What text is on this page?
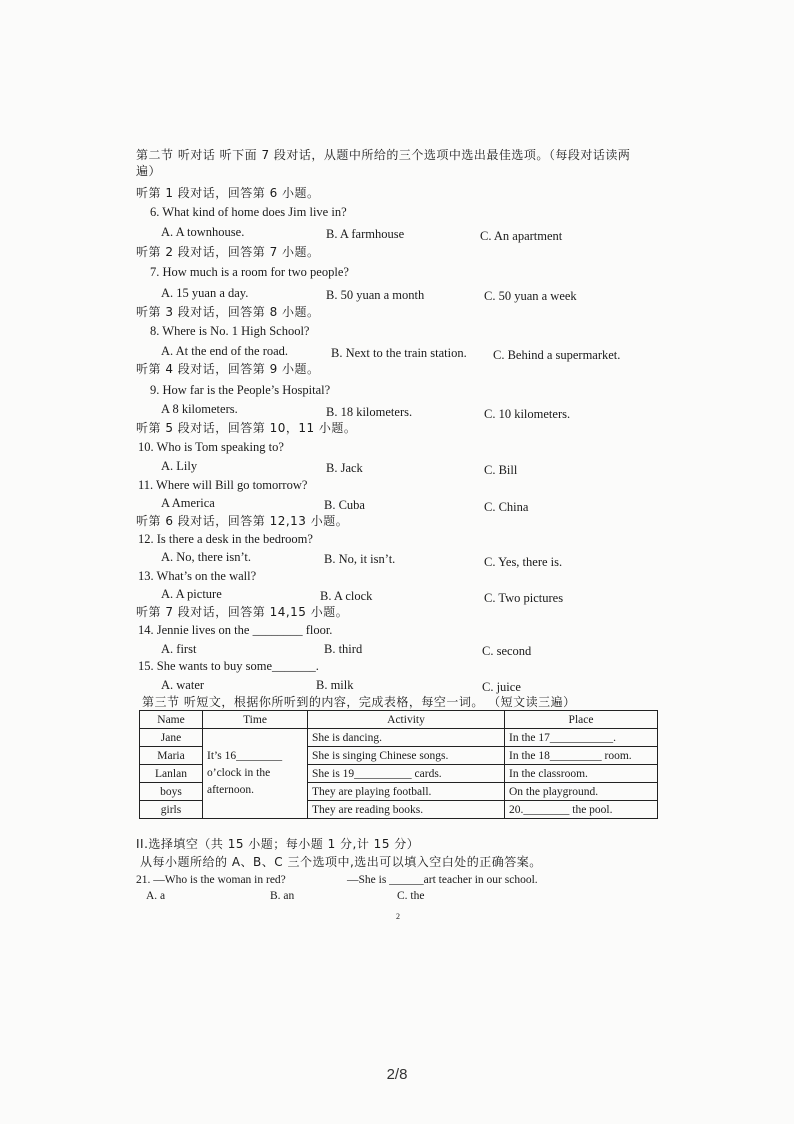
第二节 听对话 听下面 7 段对话，从题中所给的三个选项中选出最佳选项。（每段对话读两
遍）
听第 1 段对话，回答第 6 小题。
6. What kind of home does Jim live in?
A. A townhouse.	B. A farmhouse	C. An apartment
听第 2 段对话，回答第 7 小题。
7. How much is a room for two people?
A. 15 yuan a day.	B. 50 yuan a month	C. 50 yuan a week
听第 3 段对话，回答第 8 小题。
8. Where is No. 1 High School?
A. At the end of the road.	B. Next to the train station. C. Behind a supermarket.
听第 4 段对话，回答第 9 小题。
9. How far is the People’s Hospital?
A 8 kilometers.	B. 18 kilometers.	C. 10 kilometers.
听第 5 段对话，回答第 10，11 小题。
10. Who is Tom speaking to?
A. Lily	B. Jack	C. Bill
11. Where will Bill go tomorrow?
A America	B. Cuba	C. China
听第 6 段对话，回答第 12,13 小题。
12. Is there a desk in the bedroom?
A. No, there isn’t.	B. No, it isn’t.	C. Yes, there is.
13. What’s on the wall?
A. A picture	B. A clock	C. Two pictures
听第 7 段对话，回答第 14,15 小题。
14. Jennie lives on the ________ floor.
A. first	B. third	C. second
15. She wants to buy some_______.
A. water	B. milk	C. juice
第三节 听短文，根据你所听到的内容，完成表格，每空一词。 （短文读三遍）
Name	Time	Activity	Place
Jane	It’s 16________ o’clock in the afternoon.	She is dancing.	In the 17___________.
Maria		She is singing Chinese songs.	In the 18_________ room.
Lanlan		She is 19__________ cards.	In the classroom.
boys		They are playing football.	On the playground.
girls		They are reading books.	20.________ the pool.
II.选择填空（共 15 小题；每小题 1 分,计 15 分）
从每小题所给的 A、B、C 三个选项中,选出可以填入空白处的正确答案。
21. —Who is the woman in red?	—She is ______art teacher in our school.
A. a	B. an	C. the
2
2/8
